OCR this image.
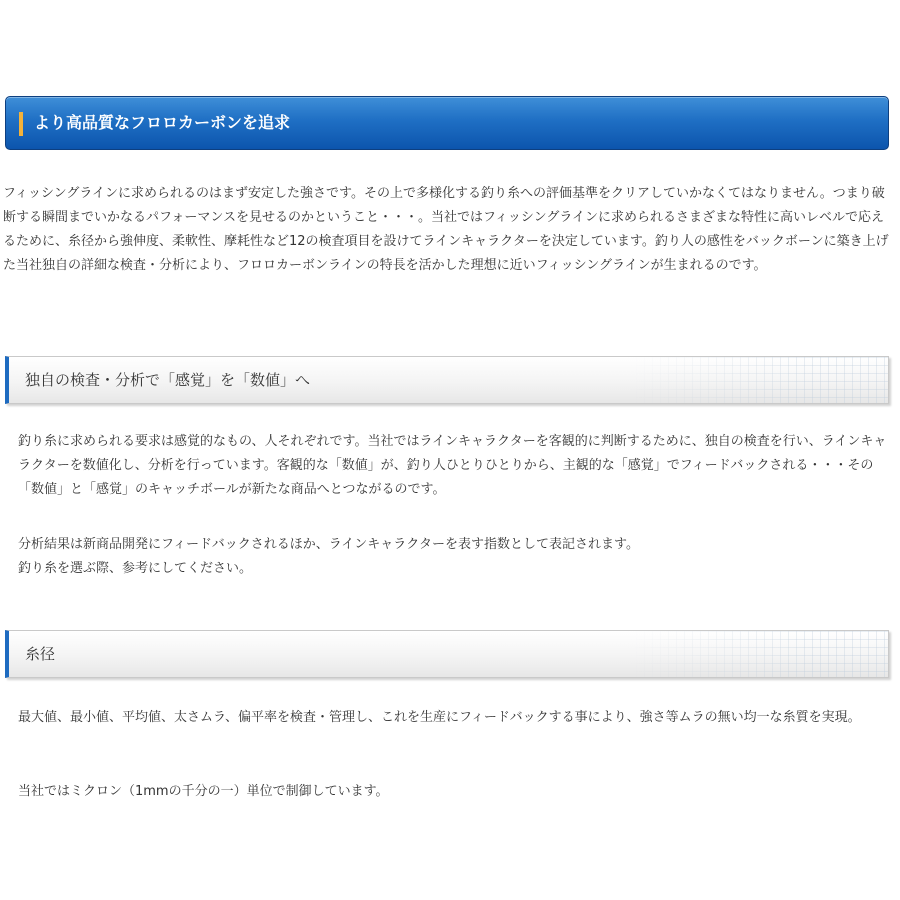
より高品質なフロロカーボンを追求

フィッシングラインに求められるのはまず安定した強さです。その上で多様化する釣り糸への評価基準をクリアしていかなくてはなりません。つまり破断する瞬間までいかなるパフォーマンスを見せるのかということ・・・。当社ではフィッシングラインに求められるさまざまな特性に高いレベルで応えるために、糸径から強伸度、柔軟性、摩耗性など12の検査項目を設けてラインキャラクターを決定しています。釣り人の感性をバックボーンに築き上げた当社独自の詳細な検査・分析により、フロロカーボンラインの特長を活かした理想に近いフィッシングラインが生まれるのです。

独自の検査・分析で「感覚」を「数値」へ

釣り糸に求められる要求は感覚的なもの、人それぞれです。当社ではラインキャラクターを客観的に判断するために、独自の検査を行い、ラインキャラクターを数値化し、分析を行っています。客観的な「数値」が、釣り人ひとりひとりから、主観的な「感覚」でフィードバックされる・・・その「数値」と「感覚」のキャッチボールが新たな商品へとつながるのです。

分析結果は新商品開発にフィードバックされるほか、ラインキャラクターを表す指数として表記されます。
釣り糸を選ぶ際、参考にしてください。

糸径

最大値、最小値、平均値、太さムラ、偏平率を検査・管理し、これを生産にフィードバックする事により、強さ等ムラの無い均一な糸質を実現。

当社ではミクロン（1mmの千分の一）単位で制御しています。
